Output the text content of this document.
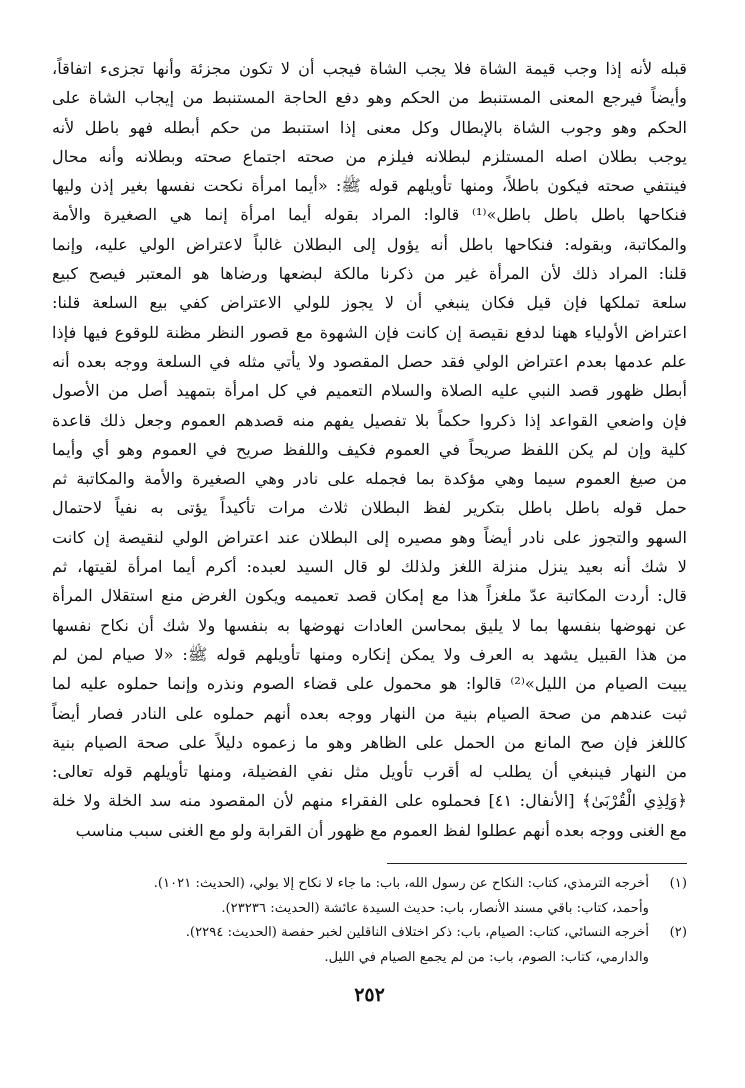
قبله لأنه إذا وجب قيمة الشاة فلا يجب الشاة فيجب أن لا تكون مجزئة وأنها تجزىء اتفاقاً،
وأيضاً فيرجع المعنى المستنبط من الحكم وهو دفع الحاجة المستنبط من إيجاب الشاة على
الحكم وهو وجوب الشاة بالإبطال وكل معنى إذا استنبط من حكم أبطله فهو باطل لأنه
يوجب بطلان اصله المستلزم لبطلانه فيلزم من صحته اجتماع صحته وبطلانه وأنه محال
فينتفي صحته فيكون باطلاً، ومنها تأويلهم قوله ﷺ: «أيما امرأة نكحت نفسها بغير إذن وليها
فنكاحها باطل باطل باطل»⁽¹⁾ قالوا: المراد بقوله أيما امرأة إنما هي الصغيرة والأمة
والمكاتبة، وبقوله: فنكاحها باطل أنه يؤول إلى البطلان غالباً لاعتراض الولي عليه، وإنما
قلنا: المراد ذلك لأن المرأة غير من ذكرنا مالكة لبضعها ورضاها هو المعتبر فيصح كبيع
سلعة تملكها فإن قيل فكان ينبغي أن لا يجوز للولي الاعتراض كفي بيع السلعة قلنا:
اعتراض الأولياء ههنا لدفع نقيصة إن كانت فإن الشهوة مع قصور النظر مظنة للوقوع فيها فإذا
علم عدمها بعدم اعتراض الولي فقد حصل المقصود ولا يأتي مثله في السلعة ووجه بعده أنه
أبطل ظهور قصد النبي عليه الصلاة والسلام التعميم في كل امرأة بتمهيد أصل من الأصول
فإن واضعي القواعد إذا ذكروا حكماً بلا تفصيل يفهم منه قصدهم العموم وجعل ذلك قاعدة
كلية وإن لم يكن اللفظ صريحاً في العموم فكيف واللفظ صريح في العموم وهو أي وأيما
من صيغ العموم سيما وهي مؤكدة بما فجمله على نادر وهي الصغيرة والأمة والمكاتبة ثم
حمل قوله باطل باطل بتكرير لفظ البطلان ثلاث مرات تأكيداً يؤتى به نفياً لاحتمال
السهو والتجوز على نادر أيضاً وهو مصيره إلى البطلان عند اعتراض الولي لنقيصة إن كانت
لا شك أنه بعيد ينزل منزلة اللغز ولذلك لو قال السيد لعبده: أكرم أيما امرأة لقيتها، ثم
قال: أردت المكاتبة عدّ ملغزاً هذا مع إمكان قصد تعميمه ويكون الغرض منع استقلال المرأة
عن نهوضها بنفسها بما لا يليق بمحاسن العادات نهوضها به بنفسها ولا شك أن نكاح نفسها
من هذا القبيل يشهد به العرف ولا يمكن إنكاره ومنها تأويلهم قوله ﷺ: «لا صيام لمن لم
يبيت الصيام من الليل»⁽²⁾ قالوا: هو محمول على قضاء الصوم ونذره وإنما حملوه عليه لما
ثبت عندهم من صحة الصيام بنية من النهار ووجه بعده أنهم حملوه على النادر فصار أيضاً
كاللغز فإن صح المانع من الحمل على الظاهر وهو ما زعموه دليلاً على صحة الصيام بنية
من النهار فينبغي أن يطلب له أقرب تأويل مثل نفي الفضيلة، ومنها تأويلهم قوله تعالى:
﴿وَلِذِي الْقُرْبَىٰ﴾ [الأنفال: ٤١] فحملوه على الفقراء منهم لأن المقصود منه سد الخلة ولا خلة
مع الغنى ووجه بعده أنهم عطلوا لفظ العموم مع ظهور أن القرابة ولو مع الغنى سبب مناسب
(١)أخرجه الترمذي، كتاب: النكاح عن رسول الله، باب: ما جاء لا نكاح إلا بولي، (الحديث: ١٠٢١).
وأحمد، كتاب: باقي مسند الأنصار، باب: حديث السيدة عائشة (الحديث: ٢٣٢٣٦).
(٢)أخرجه النسائي، كتاب: الصيام، باب: ذكر اختلاف الناقلين لخبر حفصة (الحديث: ٢٢٩٤).
والدارمي، كتاب: الصوم، باب: من لم يجمع الصيام في الليل.
٢٥٢
